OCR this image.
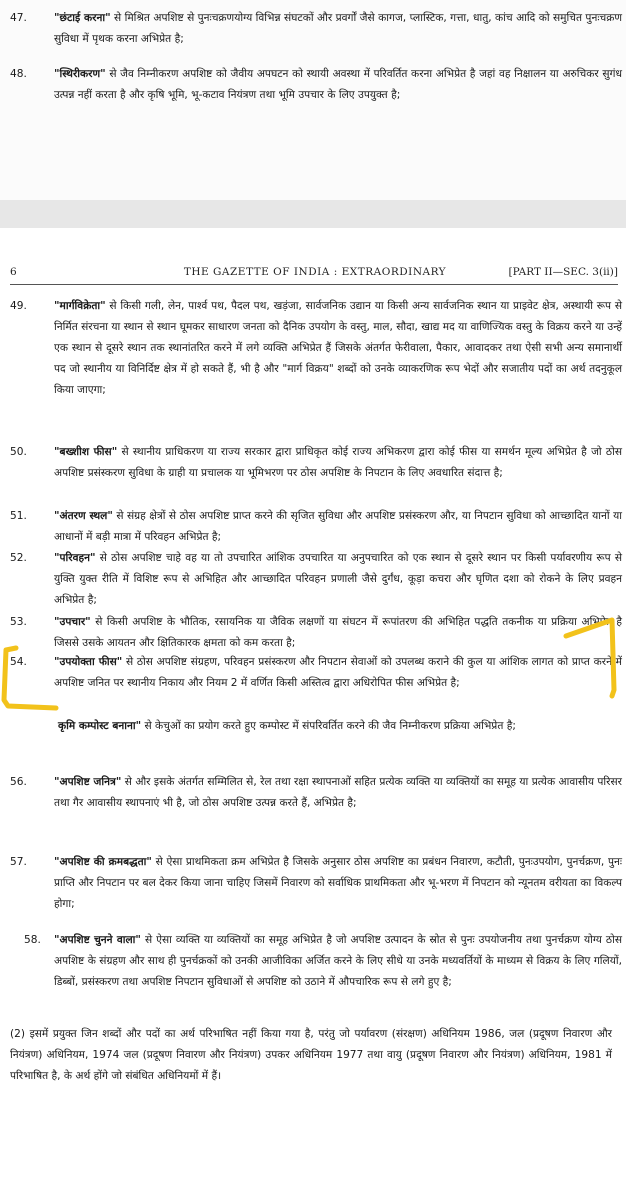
47.	"छंटाई करना" से मिश्रित अपशिष्ट से पुनःचक्रणयोग्य विभिन्न संघटकों और प्रवर्गों जैसे कागज, प्लास्टिक, गत्ता, धातु, कांच आदि को समुचित पुनःचक्रण सुविधा में पृथक करना अभिप्रेत है;
48.	"स्थिरीकरण" से जैव निम्नीकरण अपशिष्ट को जैवीय अपघटन को स्थायी अवस्था में परिवर्तित करना अभिप्रेत है जहां वह निक्षालन या अरुचिकर सुगंध उत्पन्न नहीं करता है और कृषि भूमि, भू-कटाव नियंत्रण तथा भूमि उपचार के लिए उपयुक्त है;
6	THE GAZETTE OF INDIA : EXTRAORDINARY	[PART II—SEC. 3(ii)]
49.	"मार्गविक्रेता" से किसी गली, लेन, पार्श्व पथ, पैदल पथ, खड़ंजा, सार्वजनिक उद्यान या किसी अन्य सार्वजनिक स्थान या प्राइवेट क्षेत्र, अस्थायी रूप से निर्मित संरचना या स्थान से स्थान घूमकर साधारण जनता को दैनिक उपयोग के वस्तु, माल, सौदा, खाद्य मद या वाणिज्यिक वस्तु के विक्रय करने या उन्हें एक स्थान से दूसरे स्थान तक स्थानांतरित करने में लगे व्यक्ति अभिप्रेत हैं जिसके अंतर्गत फेरीवाला, पैकार, आवादकर तथा ऐसी सभी अन्य समानार्थी पद जो स्थानीय या विनिर्दिष्ट क्षेत्र में हो सकते हैं, भी है और "मार्ग विक्रय" शब्दों को उनके व्याकरणिक रूप भेदों और सजातीय पदों का अर्थ तदनुकूल किया जाएगा;
50.	"बख्शीश फीस" से स्थानीय प्राधिकरण या राज्य सरकार द्वारा प्राधिकृत कोई राज्य अभिकरण द्वारा कोई फीस या समर्थन मूल्य अभिप्रेत है जो ठोस अपशिष्ट प्रसंस्करण सुविधा के ग्राही या प्रचालक या भूमिभरण पर ठोस अपशिष्ट के निपटान के लिए अवधारित संदात्त है;
51.	"अंतरण स्थल" से संग्रह क्षेत्रों से ठोस अपशिष्ट प्राप्त करने की सृजित सुविधा और अपशिष्ट प्रसंस्करण और, या निपटान सुविधा को आच्छादित यानों या आधानों में बड़ी मात्रा में परिवहन अभिप्रेत है;
52.	"परिवहन" से ठोस अपशिष्ट चाहे वह या तो उपचारित आंशिक उपचारित या अनुपचारित को एक स्थान से दूसरे स्थान पर किसी पर्यावरणीय रूप से युक्ति युक्त रीति में विशिष्ट रूप से अभिहित और आच्छादित परिवहन प्रणाली जैसे दुर्गंध, कूड़ा कचरा और घृणित दशा को रोकने के लिए प्रवहन अभिप्रेत है;
53.	"उपचार" से किसी अपशिष्ट के भौतिक, रसायनिक या जैविक लक्षणों या संघटन में रूपांतरण की अभिहित पद्धति तकनीक या प्रक्रिया अभिप्रेत है जिससे उसके आयतन और क्षितिकारक क्षमता को कम करता है;
54.	"उपयोक्ता फीस" से ठोस अपशिष्ट संग्रहण, परिवहन प्रसंस्करण और निपटान सेवाओं को उपलब्ध कराने की कुल या आंशिक लागत को प्राप्त करने में अपशिष्ट जनित पर स्थानीय निकाय और नियम 2 में वर्णित किसी अस्तित्व द्वारा अधिरोपित फीस अभिप्रेत है;
कृमि कम्पोस्ट बनाना" से केचुओं का प्रयोग करते हुए कम्पोस्ट में संपरिवर्तित करने की जैव निम्नीकरण प्रक्रिया अभिप्रेत है;
56.	"अपशिष्ट जनित्र" से और इसके अंतर्गत सम्मिलित से, रेल तथा रक्षा स्थापनाओं सहित प्रत्येक व्यक्ति या व्यक्तियों का समूह या प्रत्येक आवासीय परिसर तथा गैर आवासीय स्थापनाएं भी है, जो ठोस अपशिष्ट उत्पन्न करते हैं, अभिप्रेत है;
57.	"अपशिष्ट की क्रमबद्धता" से ऐसा प्राथमिकता क्रम अभिप्रेत है जिसके अनुसार ठोस अपशिष्ट का प्रबंधन निवारण, कटौती, पुनःउपयोग, पुनर्चक्रण, पुनः प्राप्ति और निपटान पर बल देकर किया जाना चाहिए जिसमें निवारण को सर्वाधिक प्राथमिकता और भू-भरण में निपटान को न्यूनतम वरीयता का विकल्प होगा;
58.	"अपशिष्ट चुनने वाला" से ऐसा व्यक्ति या व्यक्तियों का समूह अभिप्रेत है जो अपशिष्ट उत्पादन के स्रोत से पुनः उपयोजनीय तथा पुनर्चक्रण योग्य ठोस अपशिष्ट के संग्रहण और साथ ही पुनर्चक्रकों को उनकी आजीविका अर्जित करने के लिए सीधे या उनके मध्यवर्तियों के माध्यम से विक्रय के लिए गलियों, डिब्बों, प्रसंस्करण तथा अपशिष्ट निपटान सुविधाओं से अपशिष्ट को उठाने में औपचारिक रूप से लगे हुए है;
(2) इसमें प्रयुक्त जिन शब्दों और पदों का अर्थ परिभाषित नहीं किया गया है, परंतु जो पर्यावरण (संरक्षण) अधिनियम 1986, जल (प्रदूषण निवारण और नियंत्रण) अधिनियम, 1974 जल (प्रदूषण निवारण और नियंत्रण) उपकर अधिनियम 1977 तथा वायु (प्रदूषण निवारण और नियंत्रण) अधिनियम, 1981 में परिभाषित है, के अर्थ होंगे जो संबंधित अधिनियमों में हैं।
